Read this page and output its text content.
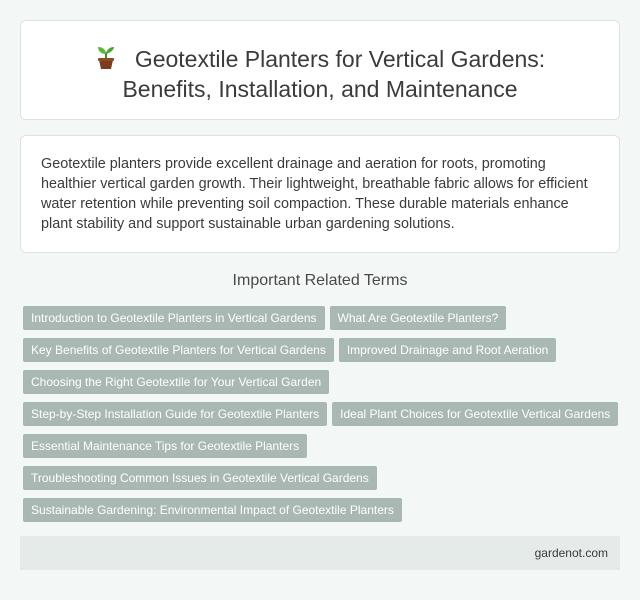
Geotextile Planters for Vertical Gardens:
Benefits, Installation, and Maintenance

Geotextile planters provide excellent drainage and aeration for roots, promoting
healthier vertical garden growth. Their lightweight, breathable fabric allows for efficient
water retention while preventing soil compaction. These durable materials enhance
plant stability and support sustainable urban gardening solutions.

Important Related Terms
Introduction to Geotextile Planters in Vertical Gardens What Are Geotextile Planters?
Key Benefits of Geotextile Planters for Vertical Gardens Improved Drainage and Root Aeration
Choosing the Right Geotextile for Your Vertical Garden
Step-by-Step Installation Guide for Geotextile Planters Ideal Plant Choices for Geotextile Vertical Gardens
Essential Maintenance Tips for Geotextile Planters
Troubleshooting Common Issues in Geotextile Vertical Gardens
Sustainable Gardening: Environmental Impact of Geotextile Planters
gardenot.com
